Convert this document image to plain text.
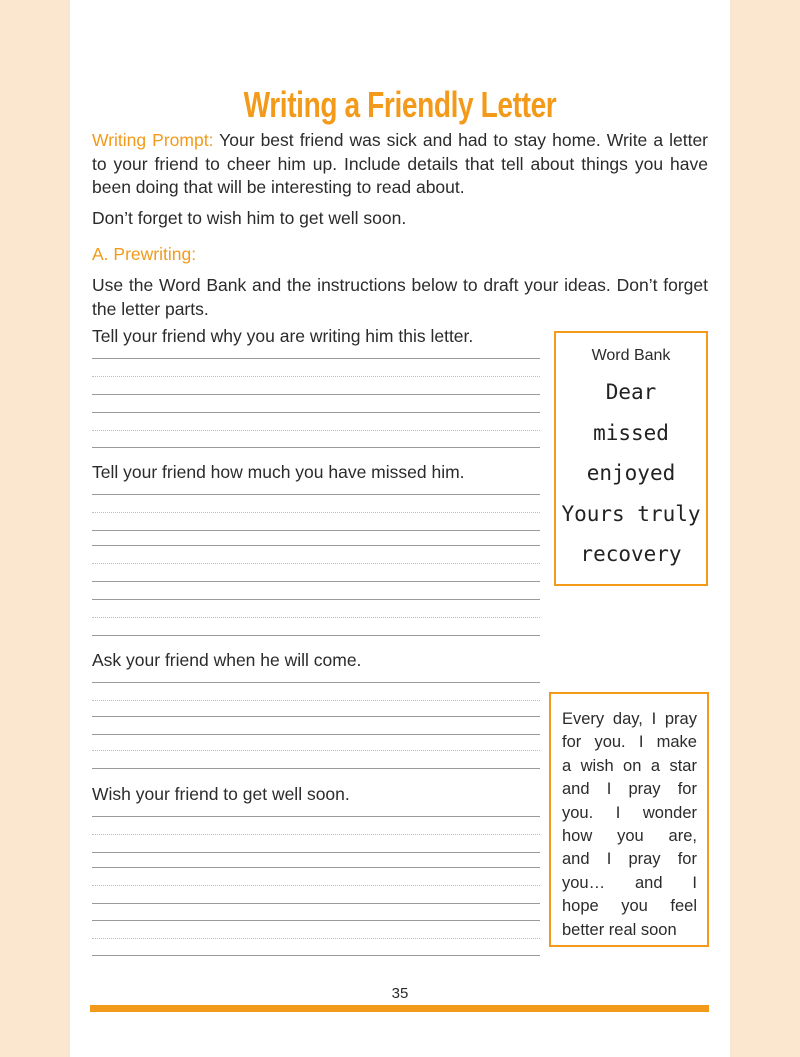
Writing a Friendly Letter
Writing Prompt: Your best friend was sick and had to stay home. Write a letter to your friend to cheer him up. Include details that tell about things you have been doing that will be interesting to read about.
Don’t forget to wish him to get well soon.
A. Prewriting:
Use the Word Bank and the instructions below to draft your ideas. Don’t forget the letter parts.
Tell your friend why you are writing him this letter.
Tell your friend how much you have missed him.
Ask your friend when he will come.
Wish your friend to get well soon.
Word Bank
Dear
missed
enjoyed
Yours truly
recovery
Every day, I pray
for you. I make
a wish on a star
and I pray for
you. I wonder
how you are,
and I pray for
you… and I
hope you feel
better real soon
35
